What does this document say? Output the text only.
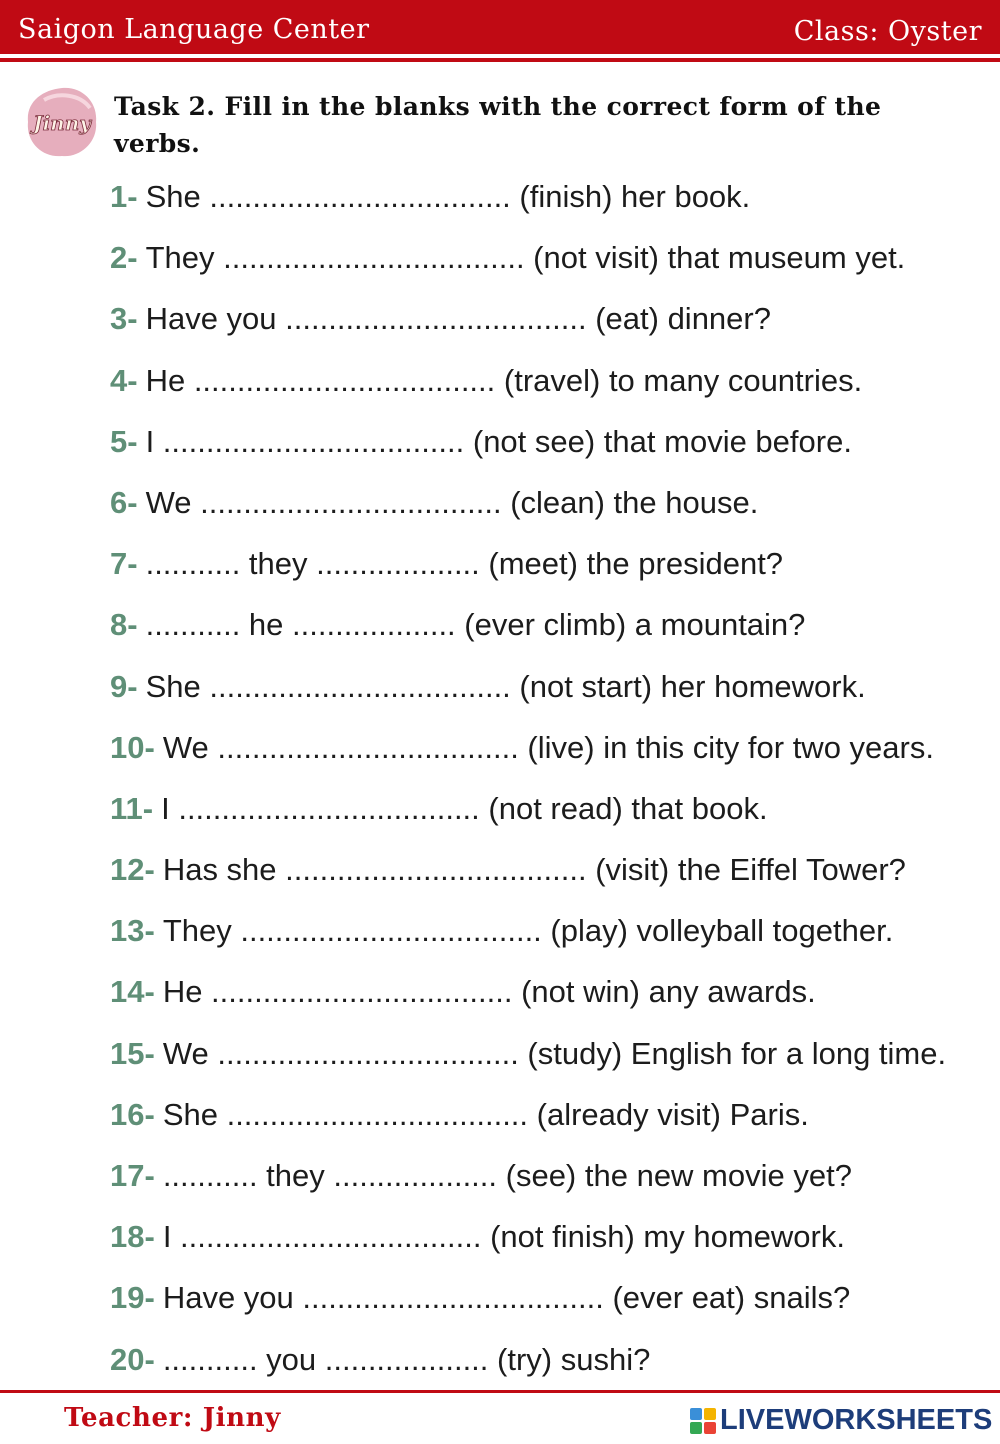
Saigon Language Center	Class: Oyster
Jinny

Task 2. Fill in the blanks with the correct form of the verbs.

1- She ................................... (finish) her book.
2- They ................................... (not visit) that museum yet.
3- Have you ................................... (eat) dinner?
4- He ................................... (travel) to many countries.
5- I ................................... (not see) that movie before.
6- We ................................... (clean) the house.
7- ........... they ................... (meet) the president?
8- ........... he ................... (ever climb) a mountain?
9- She ................................... (not start) her homework.
10- We ................................... (live) in this city for two years.
11- I ................................... (not read) that book.
12- Has she ................................... (visit) the Eiffel Tower?
13- They ................................... (play) volleyball together.
14- He ................................... (not win) any awards.
15- We ................................... (study) English for a long time.
16- She ................................... (already visit) Paris.
17- ........... they ................... (see) the new movie yet?
18- I ................................... (not finish) my homework.
19- Have you ................................... (ever eat) snails?
20- ........... you ................... (try) sushi?
Teacher: Jinny	LIVEWORKSHEETS
